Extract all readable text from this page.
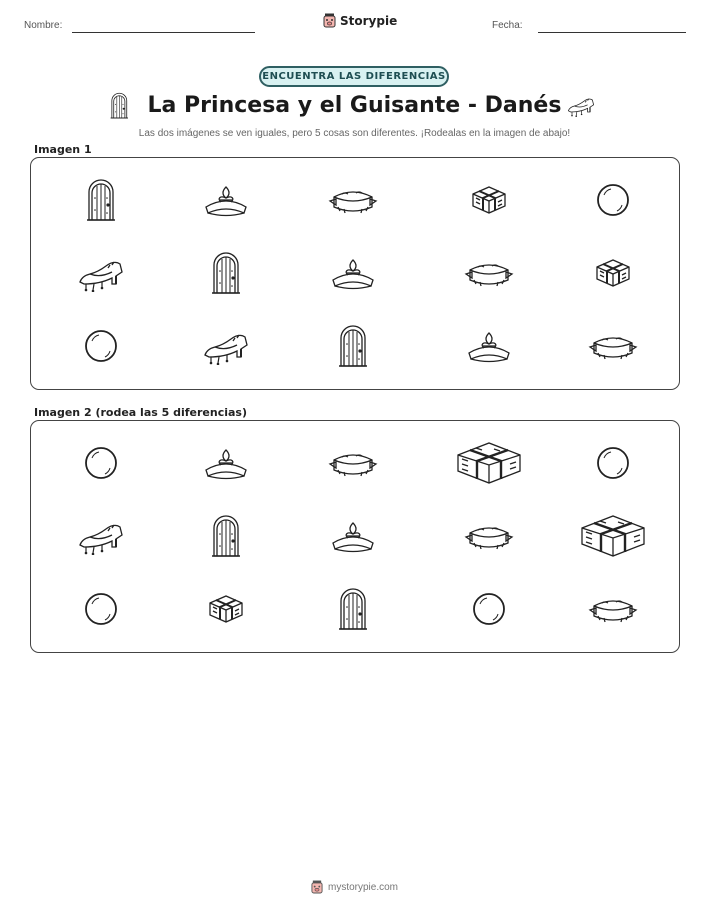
Nombre:	Storypie	Fecha:
ENCUENTRA LAS DIFERENCIAS
La Princesa y el Guisante - Danés
Las dos imágenes se ven iguales, pero 5 cosas son diferentes. ¡Rodealas en la imagen de abajo!
Imagen 1
Imagen 2 (rodea las 5 diferencias)
mystorypie.com
